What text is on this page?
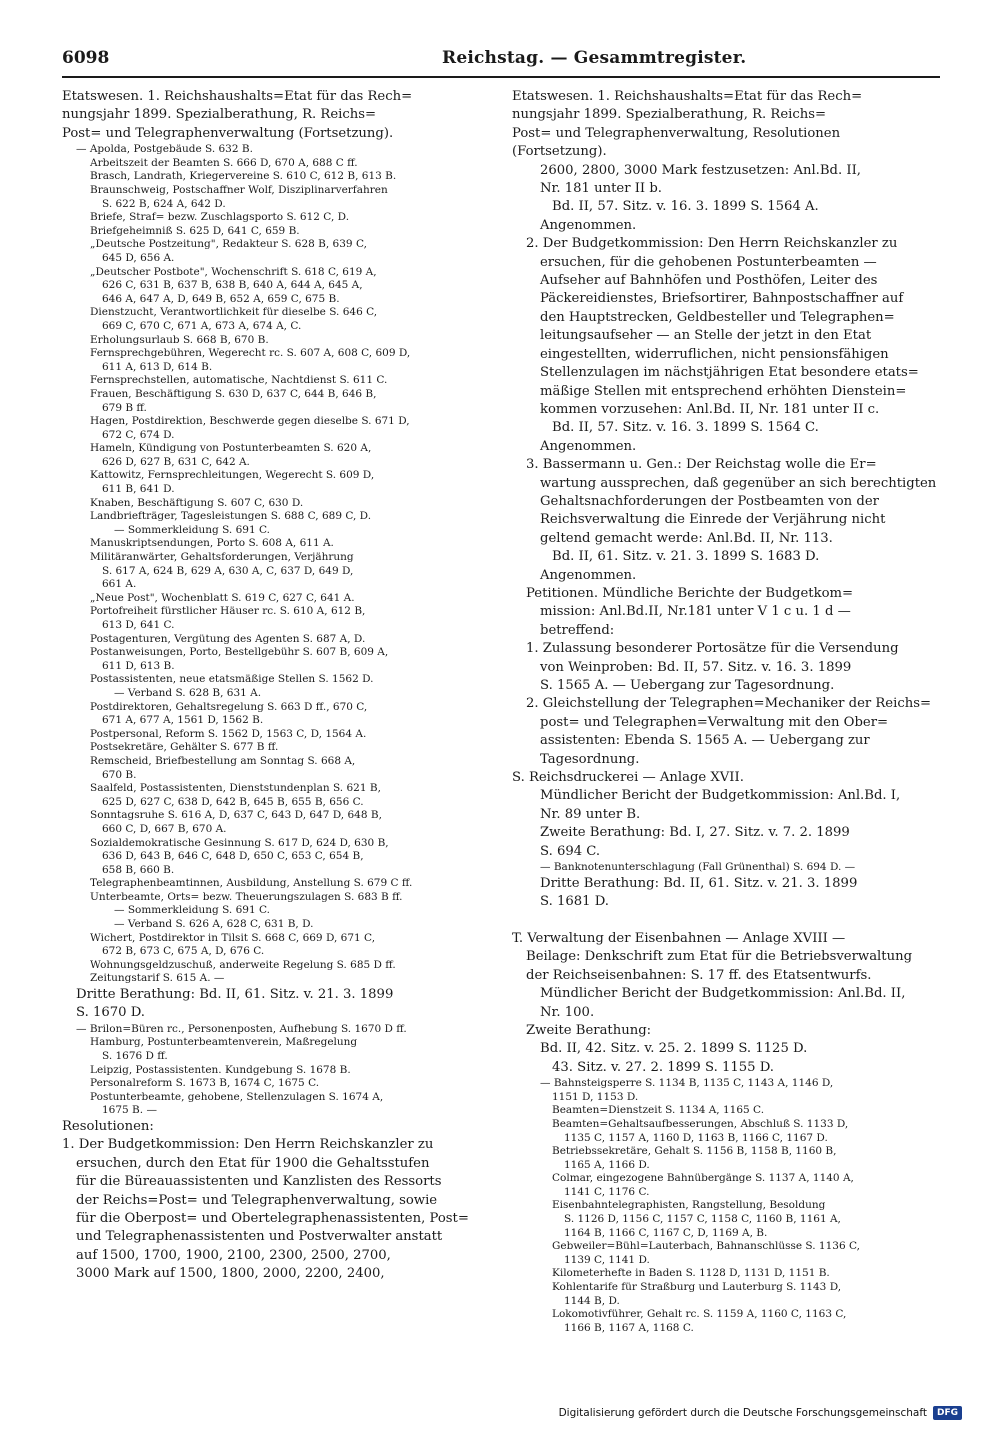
6098	Reichstag. — Gesammtregister.

Etatswesen. 1. Reichshaushalts=Etat für das Rech=

nungsjahr 1899. Spezialberathung, R. Reichs=

Post= und Telegraphenverwaltung (Fortsetzung).

— Apolda, Postgebäude S. 632 B.

Arbeitszeit der Beamten S. 666 D, 670 A, 688 C ff.

Brasch, Landrath, Kriegervereine S. 610 C, 612 B, 613 B.

Braunschweig, Postschaffner Wolf, Disziplinarverfahren

S. 622 B, 624 A, 642 D.

Briefe, Straf= bezw. Zuschlagsporto S. 612 C, D.

Briefgeheimniß S. 625 D, 641 C, 659 B.

„Deutsche Postzeitung", Redakteur S. 628 B, 639 C,

645 D, 656 A.

„Deutscher Postbote", Wochenschrift S. 618 C, 619 A,

626 C, 631 B, 637 B, 638 B, 640 A, 644 A, 645 A,

646 A, 647 A, D, 649 B, 652 A, 659 C, 675 B.

Dienstzucht, Verantwortlichkeit für dieselbe S. 646 C,

669 C, 670 C, 671 A, 673 A, 674 A, C.

Erholungsurlaub S. 668 B, 670 B.

Fernsprechgebühren, Wegerecht rc. S. 607 A, 608 C, 609 D,

611 A, 613 D, 614 B.

Fernsprechstellen, automatische, Nachtdienst S. 611 C.

Frauen, Beschäftigung S. 630 D, 637 C, 644 B, 646 B,

679 B ff.

Hagen, Postdirektion, Beschwerde gegen dieselbe S. 671 D,

672 C, 674 D.

Hameln, Kündigung von Postunterbeamten S. 620 A,

626 D, 627 B, 631 C, 642 A.

Kattowitz, Fernsprechleitungen, Wegerecht S. 609 D,

611 B, 641 D.

Knaben, Beschäftigung S. 607 C, 630 D.

Landbriefträger, Tagesleistungen S. 688 C, 689 C, D.

— Sommerkleidung S. 691 C.

Manuskriptsendungen, Porto S. 608 A, 611 A.

Militäranwärter, Gehaltsforderungen, Verjährung

S. 617 A, 624 B, 629 A, 630 A, C, 637 D, 649 D,

661 A.

„Neue Post", Wochenblatt S. 619 C, 627 C, 641 A.

Portofreiheit fürstlicher Häuser rc. S. 610 A, 612 B,

613 D, 641 C.

Postagenturen, Vergütung des Agenten S. 687 A, D.

Postanweisungen, Porto, Bestellgebühr S. 607 B, 609 A,

611 D, 613 B.

Postassistenten, neue etatsmäßige Stellen S. 1562 D.

— Verband S. 628 B, 631 A.

Postdirektoren, Gehaltsregelung S. 663 D ff., 670 C,

671 A, 677 A, 1561 D, 1562 B.

Postpersonal, Reform S. 1562 D, 1563 C, D, 1564 A.

Postsekretäre, Gehälter S. 677 B ff.

Remscheid, Briefbestellung am Sonntag S. 668 A,

670 B.

Saalfeld, Postassistenten, Dienststundenplan S. 621 B,

625 D, 627 C, 638 D, 642 B, 645 B, 655 B, 656 C.

Sonntagsruhe S. 616 A, D, 637 C, 643 D, 647 D, 648 B,

660 C, D, 667 B, 670 A.

Sozialdemokratische Gesinnung S. 617 D, 624 D, 630 B,

636 D, 643 B, 646 C, 648 D, 650 C, 653 C, 654 B,

658 B, 660 B.

Telegraphenbeamtinnen, Ausbildung, Anstellung S. 679 C ff.

Unterbeamte, Orts= bezw. Theuerungszulagen S. 683 B ff.

— Sommerkleidung S. 691 C.

— Verband S. 626 A, 628 C, 631 B, D.

Wichert, Postdirektor in Tilsit S. 668 C, 669 D, 671 C,

672 B, 673 C, 675 A, D, 676 C.

Wohnungsgeldzuschuß, anderweite Regelung S. 685 D ff.

Zeitungstarif S. 615 A. —

Dritte Berathung: Bd. II, 61. Sitz. v. 21. 3. 1899

S. 1670 D.

— Brilon=Büren rc., Personenposten, Aufhebung S. 1670 D ff.

Hamburg, Postunterbeamtenverein, Maßregelung

S. 1676 D ff.

Leipzig, Postassistenten. Kundgebung S. 1678 B.

Personalreform S. 1673 B, 1674 C, 1675 C.

Postunterbeamte, gehobene, Stellenzulagen S. 1674 A,

1675 B. —

Resolutionen:

1. Der Budgetkommission: Den Herrn Reichskanzler zu

ersuchen, durch den Etat für 1900 die Gehaltsstufen

für die Büreauassistenten und Kanzlisten des Ressorts

der Reichs=Post= und Telegraphenverwaltung, sowie

für die Oberpost= und Obertelegraphenassistenten, Post=

und Telegraphenassistenten und Postverwalter anstatt

auf 1500, 1700, 1900, 2100, 2300, 2500, 2700,

3000 Mark auf 1500, 1800, 2000, 2200, 2400,

Etatswesen. 1. Reichshaushalts=Etat für das Rech=

nungsjahr 1899. Spezialberathung, R. Reichs=

Post= und Telegraphenverwaltung, Resolutionen

(Fortsetzung).

2600, 2800, 3000 Mark festzusetzen: Anl.Bd. II,

Nr. 181 unter II b.

Bd. II, 57. Sitz. v. 16. 3. 1899 S. 1564 A.

Angenommen.

2. Der Budgetkommission: Den Herrn Reichskanzler zu

ersuchen, für die gehobenen Postunterbeamten —

Aufseher auf Bahnhöfen und Posthöfen, Leiter des

Päckereidienstes, Briefsortirer, Bahnpostschaffner auf

den Hauptstrecken, Geldbesteller und Telegraphen=

leitungsaufseher — an Stelle der jetzt in den Etat

eingestellten, widerruflichen, nicht pensionsfähigen

Stellenzulagen im nächstjährigen Etat besondere etats=

mäßige Stellen mit entsprechend erhöhten Dienstein=

kommen vorzusehen: Anl.Bd. II, Nr. 181 unter II c.

Bd. II, 57. Sitz. v. 16. 3. 1899 S. 1564 C.

Angenommen.

3. Bassermann u. Gen.: Der Reichstag wolle die Er=

wartung aussprechen, daß gegenüber an sich berechtigten

Gehaltsnachforderungen der Postbeamten von der

Reichsverwaltung die Einrede der Verjährung nicht

geltend gemacht werde: Anl.Bd. II, Nr. 113.

Bd. II, 61. Sitz. v. 21. 3. 1899 S. 1683 D.

Angenommen.

Petitionen. Mündliche Berichte der Budgetkom=

mission: Anl.Bd.II, Nr.181 unter V 1 c u. 1 d —

betreffend:

1. Zulassung besonderer Portosätze für die Versendung

von Weinproben: Bd. II, 57. Sitz. v. 16. 3. 1899

S. 1565 A. — Uebergang zur Tagesordnung.

2. Gleichstellung der Telegraphen=Mechaniker der Reichs=

post= und Telegraphen=Verwaltung mit den Ober=

assistenten: Ebenda S. 1565 A. — Uebergang zur

Tagesordnung.

S. Reichsdruckerei — Anlage XVII.

Mündlicher Bericht der Budgetkommission: Anl.Bd. I,

Nr. 89 unter B.

Zweite Berathung: Bd. I, 27. Sitz. v. 7. 2. 1899

S. 694 C.

— Banknotenunterschlagung (Fall Grünenthal) S. 694 D. —

Dritte Berathung: Bd. II, 61. Sitz. v. 21. 3. 1899

S. 1681 D.

T. Verwaltung der Eisenbahnen — Anlage XVIII —

Beilage: Denkschrift zum Etat für die Betriebsverwaltung

der Reichseisenbahnen: S. 17 ff. des Etatsentwurfs.

Mündlicher Bericht der Budgetkommission: Anl.Bd. II,

Nr. 100.

Zweite Berathung:

Bd. II, 42. Sitz. v. 25. 2. 1899 S. 1125 D.

43. Sitz. v. 27. 2. 1899 S. 1155 D.

— Bahnsteigsperre S. 1134 B, 1135 C, 1143 A, 1146 D,

1151 D, 1153 D.

Beamten=Dienstzeit S. 1134 A, 1165 C.

Beamten=Gehaltsaufbesserungen, Abschluß S. 1133 D,

1135 C, 1157 A, 1160 D, 1163 B, 1166 C, 1167 D.

Betriebssekretäre, Gehalt S. 1156 B, 1158 B, 1160 B,

1165 A, 1166 D.

Colmar, eingezogene Bahnübergänge S. 1137 A, 1140 A,

1141 C, 1176 C.

Eisenbahntelegraphisten, Rangstellung, Besoldung

S. 1126 D, 1156 C, 1157 C, 1158 C, 1160 B, 1161 A,

1164 B, 1166 C, 1167 C, D, 1169 A, B.

Gebweiler=Bühl=Lauterbach, Bahnanschlüsse S. 1136 C,

1139 C, 1141 D.

Kilometerhefte in Baden S. 1128 D, 1131 D, 1151 B.

Kohlentarife für Straßburg und Lauterburg S. 1143 D,

1144 B, D.

Lokomotivführer, Gehalt rc. S. 1159 A, 1160 C, 1163 C,

1166 B, 1167 A, 1168 C.

Digitalisierung gefördert durch die Deutsche Forschungsgemeinschaft	DFG
